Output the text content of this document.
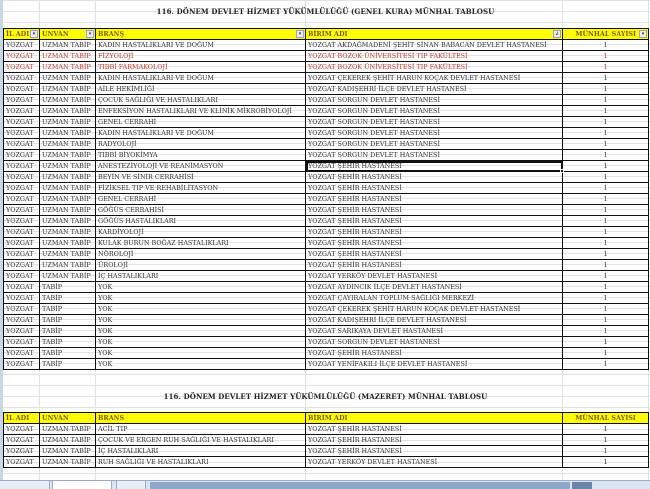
116. DÖNEM DEVLET HİZMET YÜKÜMLÜLÜĞÜ (GENEL KURA) MÜNHAL TABLOSU
İL ADI ▾	UNVAN ▾	BRANŞ ▾	BİRİM ADI ↲	MÜNHAL SAYISI ▾

YOZGAT	UZMAN TABİP	KADIN HASTALIKLARI VE DOĞUM	YOZGAT AKDAĞMADENİ ŞEHİT SİNAN BABACAN DEVLET HASTANESİ	1
YOZGAT	UZMAN TABİP	FİZYOLOJİ	YOZGAT BOZOK ÜNİVERSİTESİ TIP FAKÜLTESİ	1
YOZGAT	UZMAN TABİP	TIBBİ FARMAKOLOJİ	YOZGAT BOZOK ÜNİVERSİTESİ TIP FAKÜLTESİ	1
YOZGAT	UZMAN TABİP	KADIN HASTALIKLARI VE DOĞUM	YOZGAT ÇEKEREK ŞEHİT HARUN KOÇAK DEVLET HASTANESİ	1
YOZGAT	UZMAN TABİP	AİLE HEKİMLİĞİ	YOZGAT KADIŞEHRİ İLÇE DEVLET HASTANESİ	1
YOZGAT	UZMAN TABİP	ÇOCUK SAĞLIĞI VE HASTALIKLARI	YOZGAT SORGUN DEVLET HASTANESİ	1
YOZGAT	UZMAN TABİP	ENFEKSİYON HASTALIKLARI VE KLİNİK MİKROBİYOLOJİ	YOZGAT SORGUN DEVLET HASTANESİ	1
YOZGAT	UZMAN TABİP	GENEL CERRAHİ	YOZGAT SORGUN DEVLET HASTANESİ	1
YOZGAT	UZMAN TABİP	KADIN HASTALIKLARI VE DOĞUM	YOZGAT SORGUN DEVLET HASTANESİ	1
YOZGAT	UZMAN TABİP	RADYOLOJİ	YOZGAT SORGUN DEVLET HASTANESİ	1
YOZGAT	UZMAN TABİP	TIBBİ BİYOKİMYA	YOZGAT SORGUN DEVLET HASTANESİ	1
YOZGAT	UZMAN TABİP	ANESTEZİYOLOJİ VE REANİMASYON	YOZGAT ŞEHİR HASTANESİ	1
YOZGAT	UZMAN TABİP	BEYİN VE SİNİR CERRAHİSİ	YOZGAT ŞEHİR HASTANESİ	1
YOZGAT	UZMAN TABİP	FİZİKSEL TIP VE REHABİLİTASYON	YOZGAT ŞEHİR HASTANESİ	1
YOZGAT	UZMAN TABİP	GENEL CERRAHİ	YOZGAT ŞEHİR HASTANESİ	1
YOZGAT	UZMAN TABİP	GÖĞÜS CERRAHİSİ	YOZGAT ŞEHİR HASTANESİ	1
YOZGAT	UZMAN TABİP	GÖĞÜS HASTALIKLARI	YOZGAT ŞEHİR HASTANESİ	1
YOZGAT	UZMAN TABİP	KARDİYOLOJİ	YOZGAT ŞEHİR HASTANESİ	1
YOZGAT	UZMAN TABİP	KULAK BURUN BOĞAZ HASTALIKLARI	YOZGAT ŞEHİR HASTANESİ	1
YOZGAT	UZMAN TABİP	NÖROLOJİ	YOZGAT ŞEHİR HASTANESİ	1
YOZGAT	UZMAN TABİP	ÜROLOJİ	YOZGAT ŞEHİR HASTANESİ	1
YOZGAT	UZMAN TABİP	İÇ HASTALIKLARI	YOZGAT YERKÖY DEVLET HASTANESİ	1
YOZGAT	TABİP	YOK	YOZGAT AYDINCIK İLÇE DEVLET HASTANESİ	1
YOZGAT	TABİP	YOK	YOZGAT ÇAYIRALAN TOPLUM SAĞLIĞI MERKEZİ	1
YOZGAT	TABİP	YOK	YOZGAT ÇEKEREK ŞEHİT HARUN KOÇAK DEVLET HASTANESİ	1
YOZGAT	TABİP	YOK	YOZGAT KADIŞEHRİ İLÇE DEVLET HASTANESİ	1
YOZGAT	TABİP	YOK	YOZGAT SARIKAYA DEVLET HASTANESİ	1
YOZGAT	TABİP	YOK	YOZGAT SORGUN DEVLET HASTANESİ	1
YOZGAT	TABİP	YOK	YOZGAT ŞEHİR HASTANESİ	1
YOZGAT	TABİP	YOK	YOZGAT YENİFAKILI İLÇE DEVLET HASTANESİ	1
116. DÖNEM DEVLET HİZMET YÜKÜMLÜLÜĞÜ (MAZERET) MÜNHAL TABLOSU
İL ADI	UNVAN	BRANS	BİRİM ADI	MÜNHAL SAYISI
YOZGAT	UZMAN TABİP	ACİL TIP	YOZGAT ŞEHİR HASTANESİ	1
YOZGAT	UZMAN TABİP	ÇOCUK VE ERGEN RUH SAĞLIĞI VE HASTALIKLARI	YOZGAT ŞEHİR HASTANESİ	1
YOZGAT	UZMAN TABİP	İÇ HASTALIKLARI	YOZGAT ŞEHİR HASTANESİ	1
YOZGAT	UZMAN TABİP	RUH SAĞLIĞI VE HASTALIKLARI	YOZGAT YERKÖY DEVLET HASTANESİ	1
